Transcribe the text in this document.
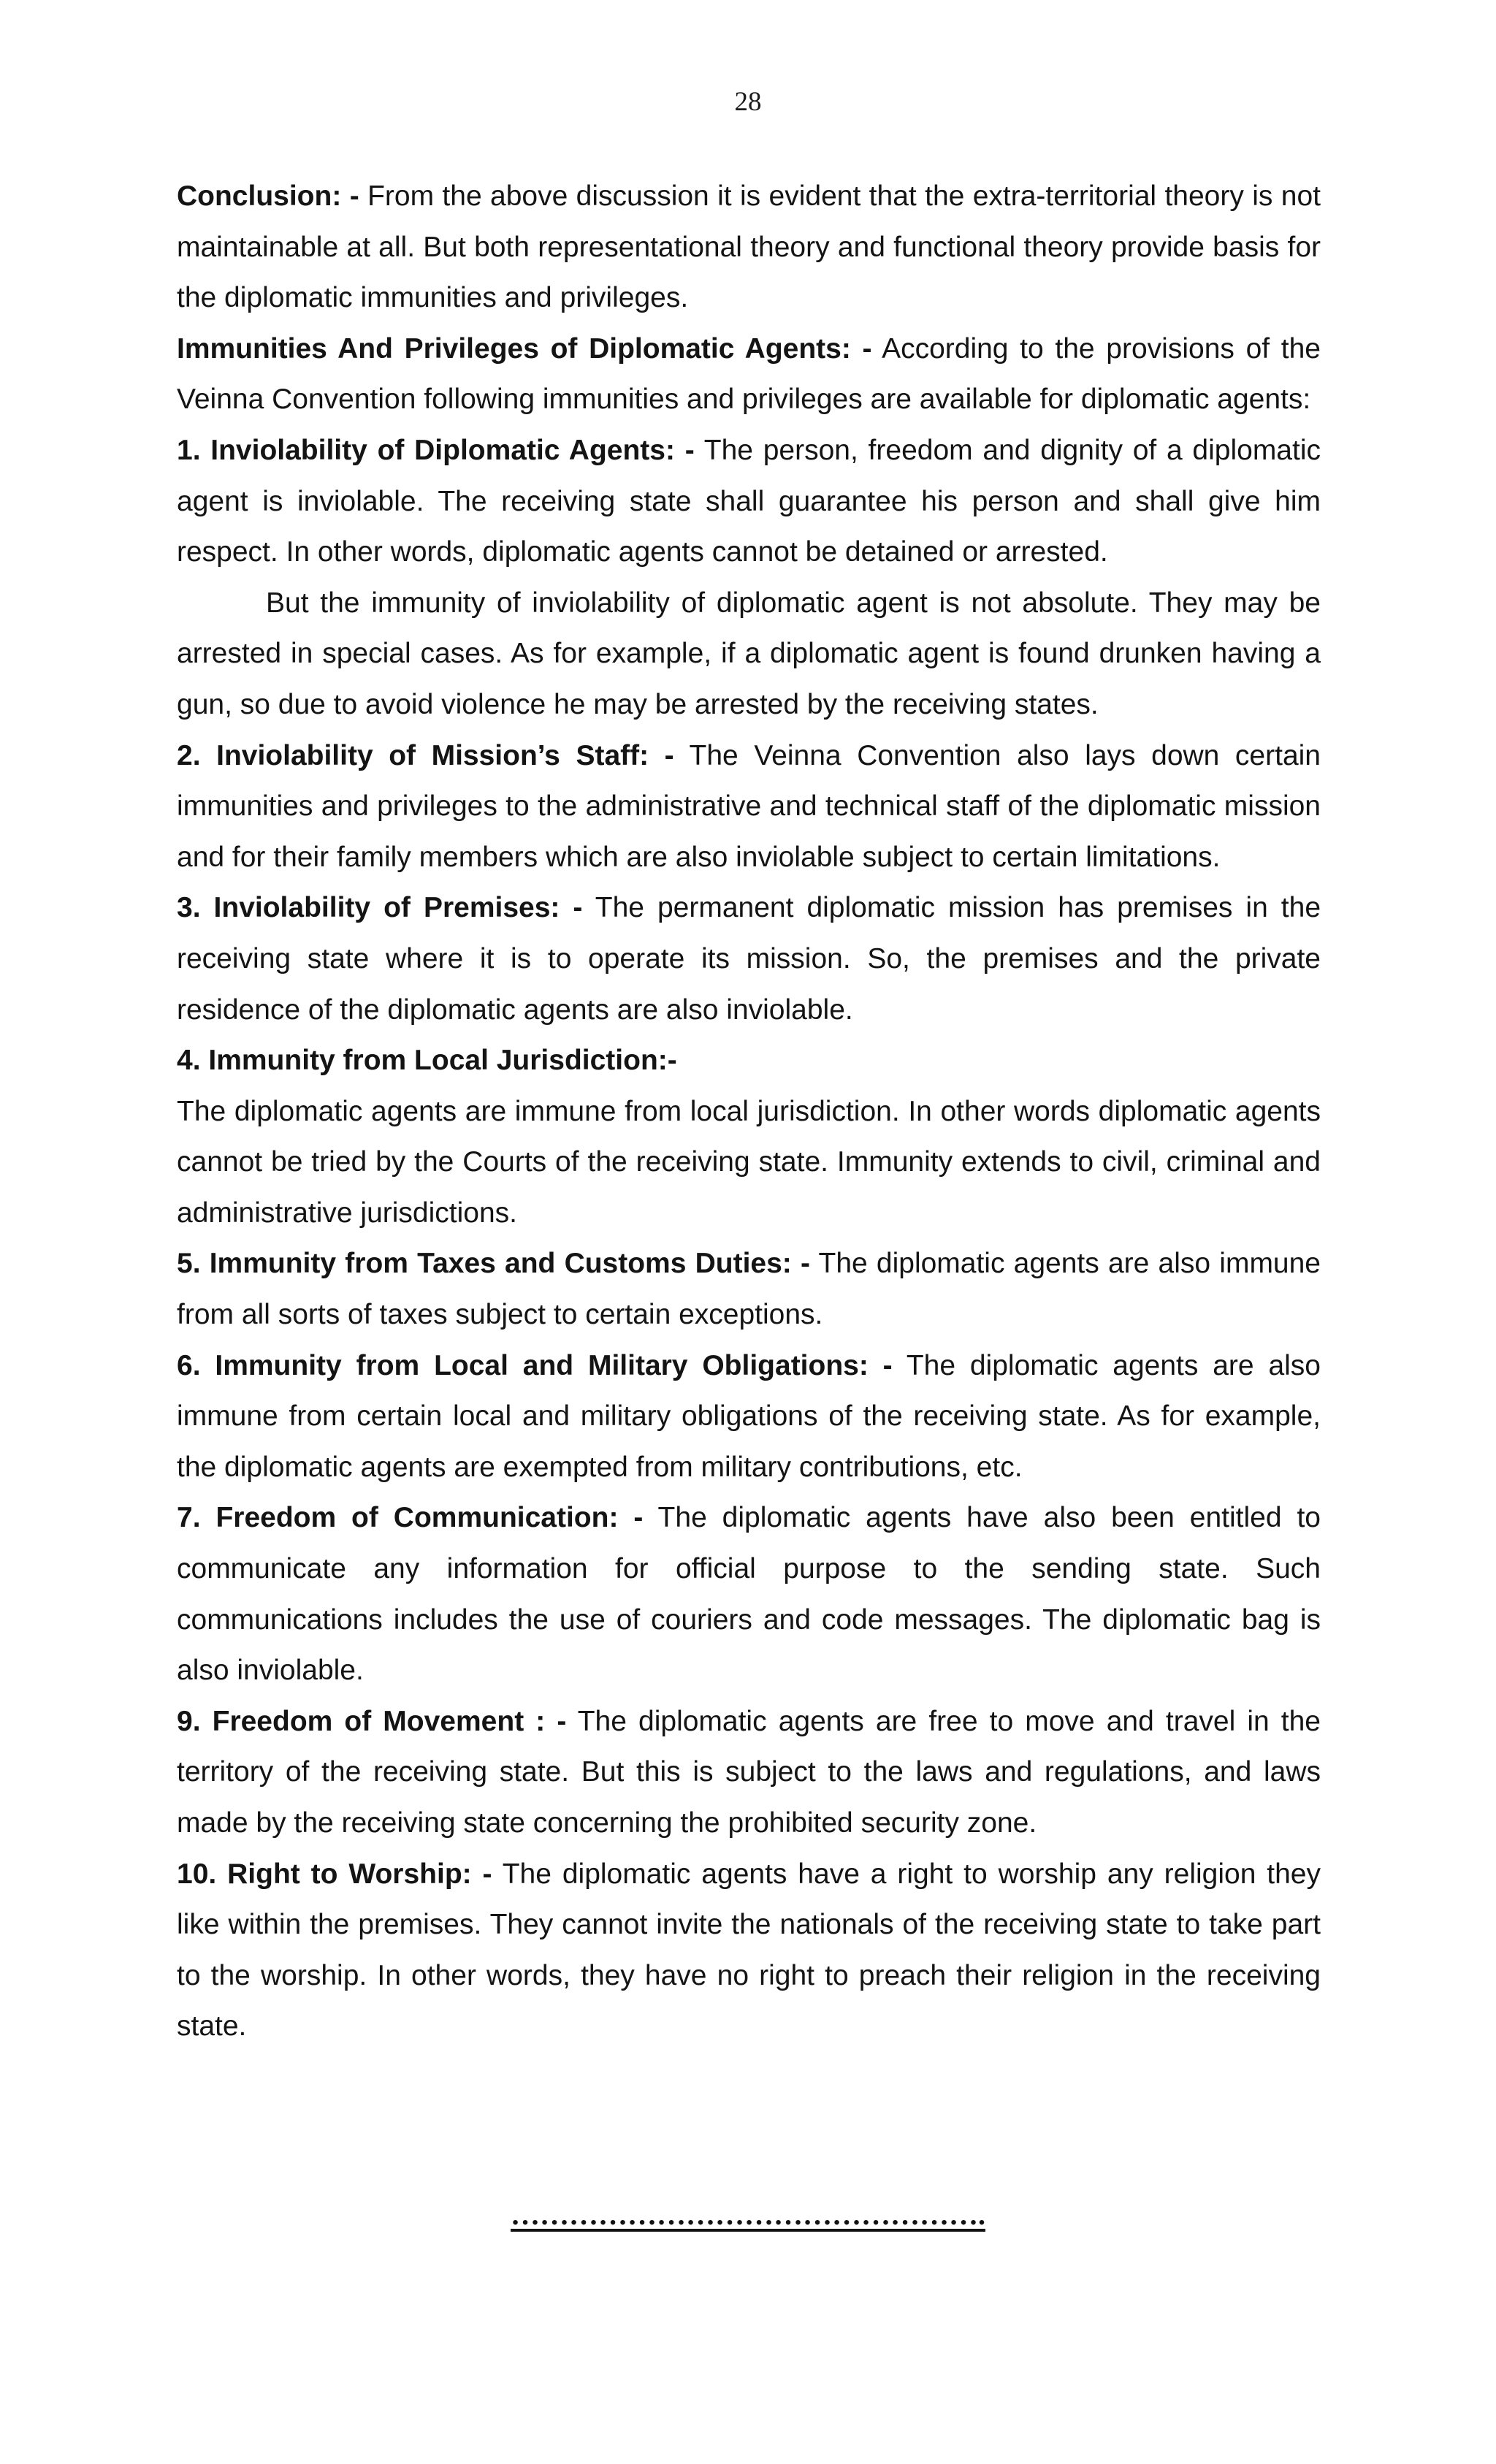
28

Conclusion: - From the above discussion it is evident that the extra-territorial theory is not maintainable at all. But both representational theory and functional theory provide basis for the diplomatic immunities and privileges.

Immunities And Privileges of Diplomatic Agents: - According to the provisions of the Veinna Convention following immunities and privileges are available for diplomatic agents:

1. Inviolability of Diplomatic Agents: - The person, freedom and dignity of a diplomatic agent is inviolable. The receiving state shall guarantee his person and shall give him respect. In other words, diplomatic agents cannot be detained or arrested.

But the immunity of inviolability of diplomatic agent is not absolute. They may be arrested in special cases. As for example, if a diplomatic agent is found drunken having a gun, so due to avoid violence he may be arrested by the receiving states.

2. Inviolability of Mission’s Staff: - The Veinna Convention also lays down certain immunities and privileges to the administrative and technical staff of the diplomatic mission and for their family members which are also inviolable subject to certain limitations.

3. Inviolability of Premises: - The permanent diplomatic mission has premises in the receiving state where it is to operate its mission. So, the premises and the private residence of the diplomatic agents are also inviolable.

4. Immunity from Local Jurisdiction:-

The diplomatic agents are immune from local jurisdiction. In other words diplomatic agents cannot be tried by the Courts of the receiving state. Immunity extends to civil, criminal and administrative jurisdictions.

5. Immunity from Taxes and Customs Duties: - The diplomatic agents are also immune from all sorts of taxes subject to certain exceptions.

6. Immunity from Local and Military Obligations: - The diplomatic agents are also immune from certain local and military obligations of the receiving state. As for example, the diplomatic agents are exempted from military contributions, etc.

7. Freedom of Communication: - The diplomatic agents have also been entitled to communicate any information for official purpose to the sending state. Such communications includes the use of couriers and code messages. The diplomatic bag is also inviolable.

9. Freedom of Movement : - The diplomatic agents are free to move and travel in the territory of the receiving state. But this is subject to the laws and regulations, and laws made by the receiving state concerning the prohibited security zone.

10. Right to Worship: - The diplomatic agents have a right to worship any religion they like within the premises. They cannot invite the nationals of the receiving state to take part to the worship. In other words, they have no right to preach their religion in the receiving state.

………………………………………….
